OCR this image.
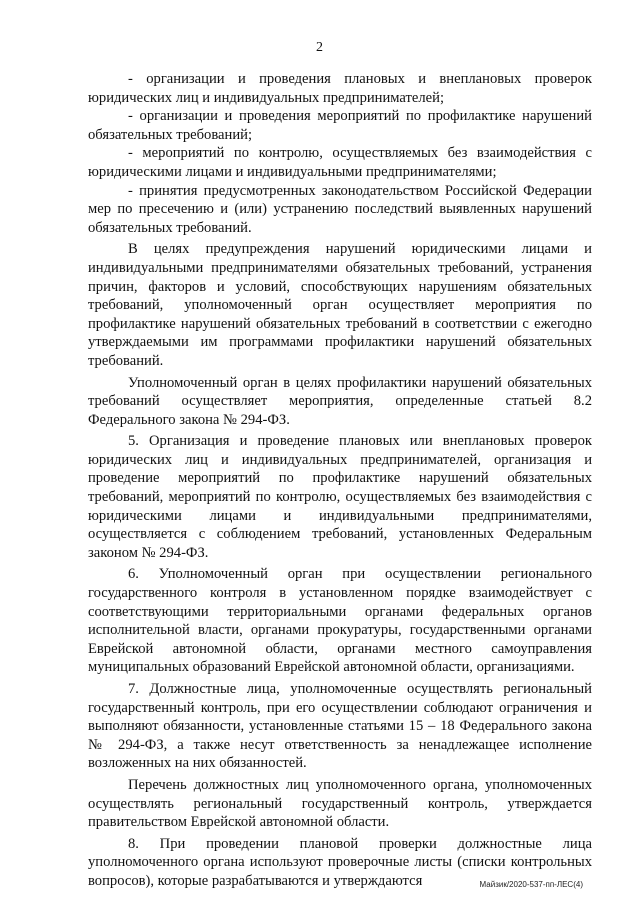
2

- организации и проведения плановых и внеплановых проверок юридических лиц и индивидуальных предпринимателей;

- организации и проведения мероприятий по профилактике нарушений обязательных требований;

- мероприятий по контролю, осуществляемых без взаимодействия с юридическими лицами и индивидуальными предпринимателями;

- принятия предусмотренных законодательством Российской Федерации мер по пресечению и (или) устранению последствий выявленных нарушений обязательных требований.

В целях предупреждения нарушений юридическими лицами и индивидуальными предпринимателями обязательных требований, устранения причин, факторов и условий, способствующих нарушениям обязательных требований, уполномоченный орган осуществляет мероприятия по профилактике нарушений обязательных требований в соответствии с ежегодно утверждаемыми им программами профилактики нарушений обязательных требований.

Уполномоченный орган в целях профилактики нарушений обязательных требований осуществляет мероприятия, определенные статьей 8.2 Федерального закона № 294-ФЗ.

5. Организация и проведение плановых или внеплановых проверок юридических лиц и индивидуальных предпринимателей, организация и проведение мероприятий по профилактике нарушений обязательных требований, мероприятий по контролю, осуществляемых без взаимодействия с юридическими лицами и индивидуальными предпринимателями, осуществляется с соблюдением требований, установленных Федеральным законом № 294-ФЗ.

6. Уполномоченный орган при осуществлении регионального государственного контроля в установленном порядке взаимодействует с соответствующими территориальными органами федеральных органов исполнительной власти, органами прокуратуры, государственными органами Еврейской автономной области, органами местного самоуправления муниципальных образований Еврейской автономной области, организациями.

7. Должностные лица, уполномоченные осуществлять региональный государственный контроль, при его осуществлении соблюдают ограничения и выполняют обязанности, установленные статьями 15 – 18 Федерального закона № 294-ФЗ, а также несут ответственность за ненадлежащее исполнение возложенных на них обязанностей.

Перечень должностных лиц уполномоченного органа, уполномоченных осуществлять региональный государственный контроль, утверждается правительством Еврейской автономной области.

8. При проведении плановой проверки должностные лица уполномоченного органа используют проверочные листы (списки контрольных вопросов), которые разрабатываются и утверждаются	Майзик/2020-537-пп-ЛЕС(4)
